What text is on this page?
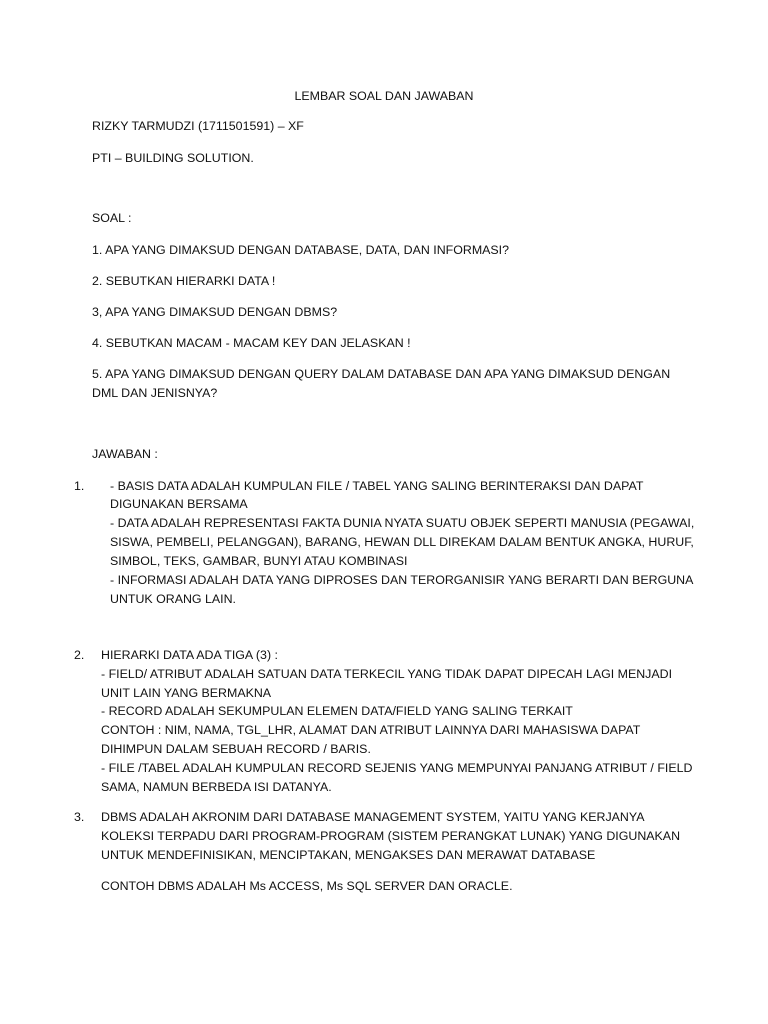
LEMBAR SOAL DAN JAWABAN
RIZKY TARMUDZI (1711501591) – XF
PTI – BUILDING SOLUTION.
SOAL :
1. APA YANG DIMAKSUD DENGAN DATABASE, DATA, DAN INFORMASI?
2. SEBUTKAN HIERARKI DATA !
3, APA YANG DIMAKSUD DENGAN DBMS?
4. SEBUTKAN MACAM - MACAM KEY DAN JELASKAN !
5. APA YANG DIMAKSUD DENGAN QUERY DALAM DATABASE DAN APA YANG DIMAKSUD DENGAN
DML DAN JENISNYA?
JAWABAN :
1. - BASIS DATA ADALAH KUMPULAN FILE / TABEL YANG SALING BERINTERAKSI DAN DAPAT
DIGUNAKAN BERSAMA
- DATA ADALAH REPRESENTASI FAKTA DUNIA NYATA SUATU OBJEK SEPERTI MANUSIA (PEGAWAI,
SISWA, PEMBELI, PELANGGAN), BARANG, HEWAN DLL DIREKAM DALAM BENTUK ANGKA, HURUF,
SIMBOL, TEKS, GAMBAR, BUNYI ATAU KOMBINASI
- INFORMASI ADALAH DATA YANG DIPROSES DAN TERORGANISIR YANG BERARTI DAN BERGUNA
UNTUK ORANG LAIN.
2. HIERARKI DATA ADA TIGA (3) :
- FIELD/ ATRIBUT ADALAH SATUAN DATA TERKECIL YANG TIDAK DAPAT DIPECAH LAGI MENJADI
UNIT LAIN YANG BERMAKNA
- RECORD ADALAH SEKUMPULAN ELEMEN DATA/FIELD YANG SALING TERKAIT
CONTOH : NIM, NAMA, TGL_LHR, ALAMAT DAN ATRIBUT LAINNYA DARI MAHASISWA DAPAT
DIHIMPUN DALAM SEBUAH RECORD / BARIS.
- FILE /TABEL ADALAH KUMPULAN RECORD SEJENIS YANG MEMPUNYAI PANJANG ATRIBUT / FIELD
SAMA, NAMUN BERBEDA ISI DATANYA.
3. DBMS ADALAH AKRONIM DARI DATABASE MANAGEMENT SYSTEM, YAITU YANG KERJANYA
KOLEKSI TERPADU DARI PROGRAM-PROGRAM (SISTEM PERANGKAT LUNAK) YANG DIGUNAKAN
UNTUK MENDEFINISIKAN, MENCIPTAKAN, MENGAKSES DAN MERAWAT DATABASE
CONTOH DBMS ADALAH Ms ACCESS, Ms SQL SERVER DAN ORACLE.
